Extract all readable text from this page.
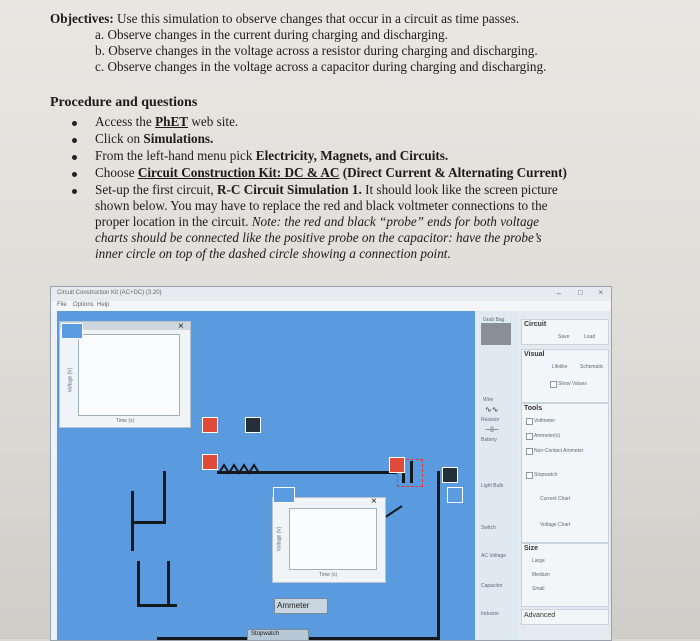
Objectives: Use this simulation to observe changes that occur in a circuit as time passes.
a. Observe changes in the current during charging and discharging.
b. Observe changes in the voltage across a resistor during charging and discharging.
c. Observe changes in the voltage across a capacitor during charging and discharging.
Procedure and questions
Access the PhET web site.
Click on Simulations.
From the left-hand menu pick Electricity, Magnets, and Circuits.
Choose Circuit Construction Kit: DC & AC (Direct Current & Alternating Current)
Set-up the first circuit, R-C Circuit Simulation 1. It should look like the screen picture
shown below. You may have to replace the red and black voltmeter connections to the
proper location in the circuit. Note: the red and black “probe” ends for both voltage
charts should be connected like the positive probe on the capacitor: have the probe’s
inner circle on top of the dashed circle showing a connection point.
Circuit Construction Kit (AC+DC) (3.20)	– □ ×
File Options Help
×
Voltage (V)
Time (s)
×
Voltage (V)
Time (s)
Ammeter
Stopwatch
Grab Bag
Wire
∿∿
Resistor
⊣⊢
Battery
Light Bulb
Switch
AC Voltage
Capacitor
Inductor
Circuit
Save	Load
Visual
Lifelike Schematic
Show Values
Tools
Voltmeter
Ammeter(s)
Non-Contact Ammeter
Stopwatch
Current Chart
Voltage Chart
Size
Large
Medium
Small
Advanced
